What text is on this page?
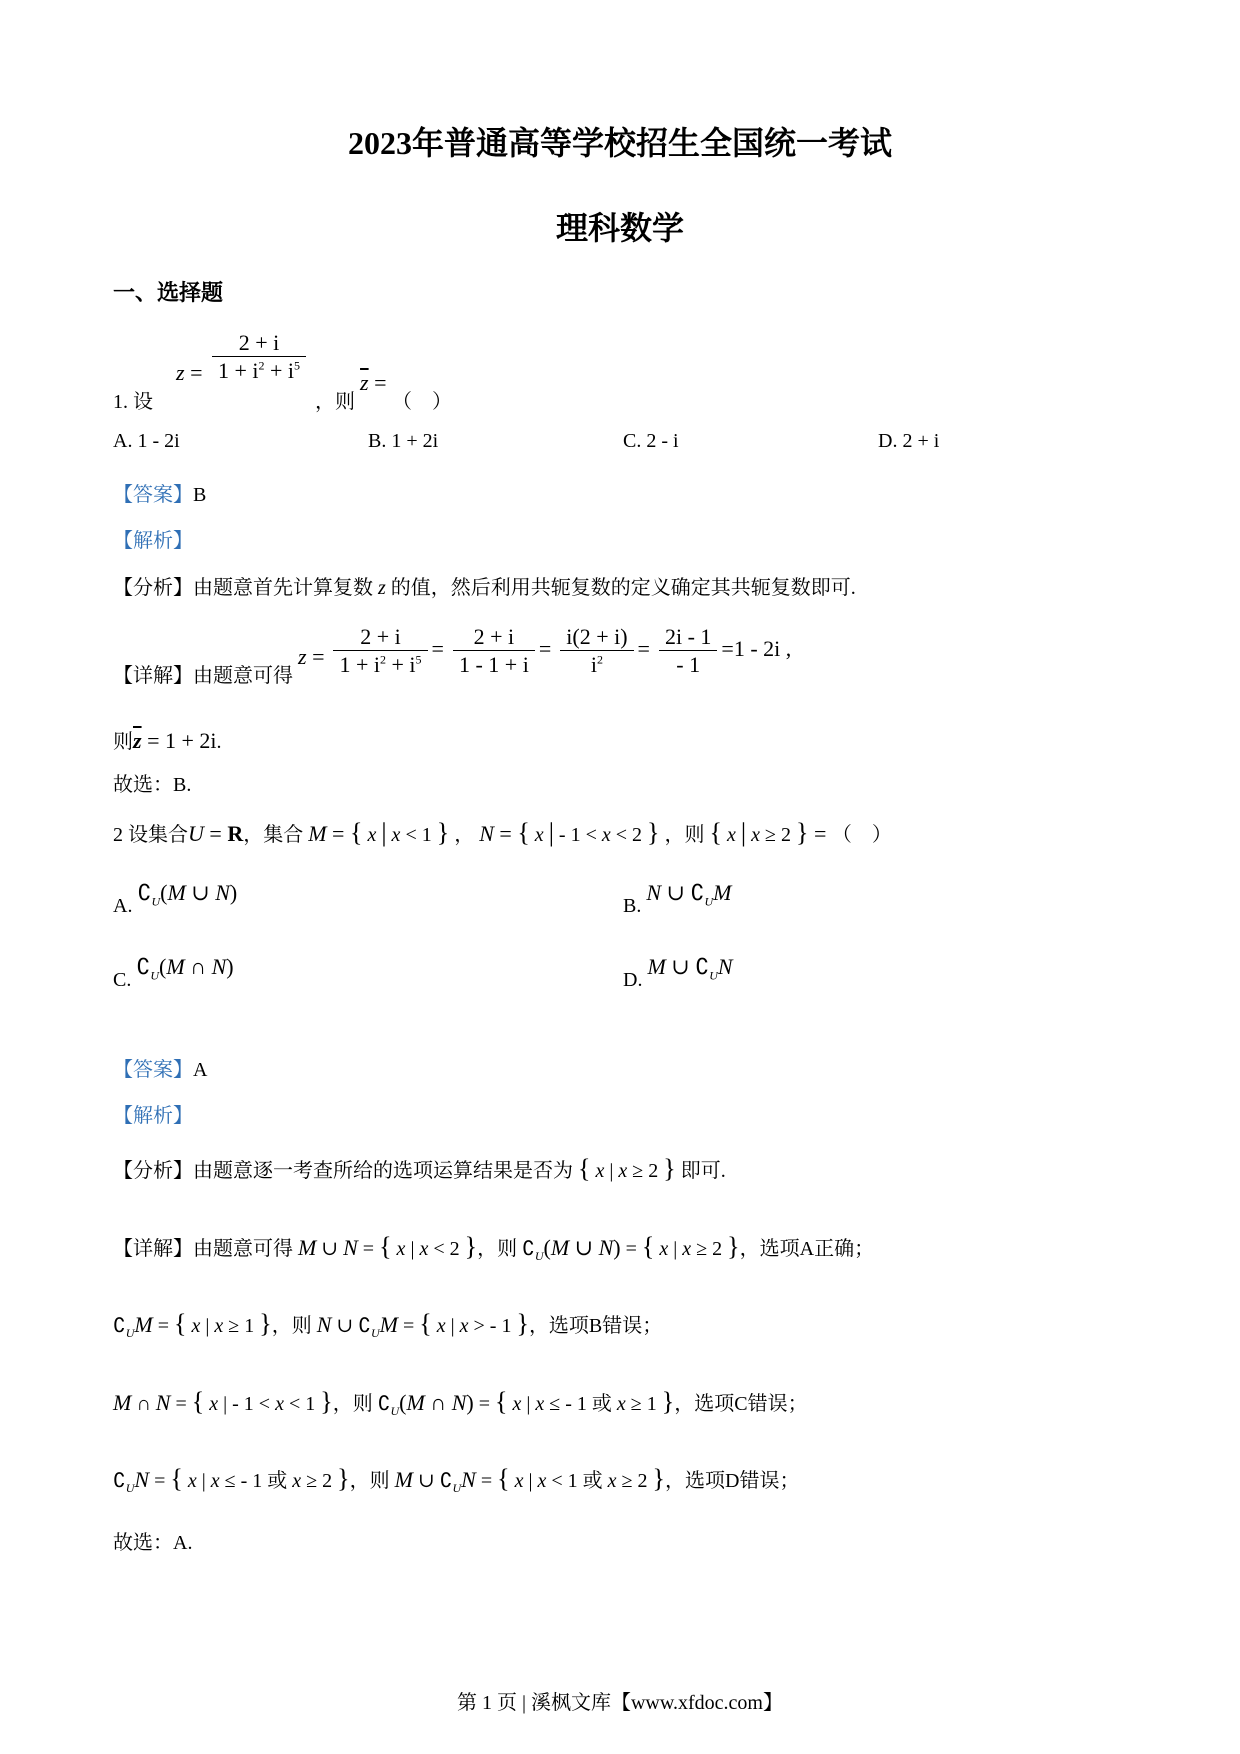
2023年普通高等学校招生全国统一考试
理科数学
一、选择题
1. 设 $z = \frac{2 + i}{1 + i^2 + i^5}$
，则 $\overline{z}$ = （　）
A. 1 - 2i	B. 1 + 2i	C. 2 - i	D. 2 + i
【答案】B
【解析】
【分析】由题意首先计算复数 z 的值，然后利用共轭复数的定义确定其共轭复数即可.
【详解】由题意可得 $z = \frac{2 + i}{1 + i^2 + i^5} = \frac{2 + i}{1 - 1 + i} = \frac{i(2 + i)}{i^2} = \frac{2i - 1}{- 1} =1 - 2i$ ,
则$\overline{z} = 1 + 2i$.
故选：B.
2 设集合U = R，集合 M = { x | x < 1 } ， N = { x | - 1 < x < 2 } ，则 { x | x ≥ 2 } = （　）
A. $∁_U(M$ ∪ N)
B. N ∪ $∁_UM$
C. $∁_U(M$ ∩ N)
D. M ∪ $∁_UN$
【答案】A
【解析】
【分析】由题意逐一考查所给的选项运算结果是否为 { x | x ≥ 2 } 即可.
【详解】由题意可得 M ∪ N = { x | x < 2 }，则 $∁_U(M$ ∪ N) = { x | x ≥ 2 }，选项A正确；
$∁_UM$ = { x | x ≥ 1 }，则 N ∪ $∁_UM$ = { x | x > - 1 }，选项B错误；
M ∩ N = { x | - 1 < x < 1 }，则 $∁_U(M$ ∩ N) = { x | x ≤ - 1 或 x ≥ 1 }，选项C错误；
$∁_UN$ = { x | x ≤ - 1 或 x ≥ 2 }，则 M ∪ $∁_UN$ = { x | x < 1 或 x ≥ 2 }，选项D错误；
故选：A.
第 1 页 | 溪枫文库【www.xfdoc.com】
